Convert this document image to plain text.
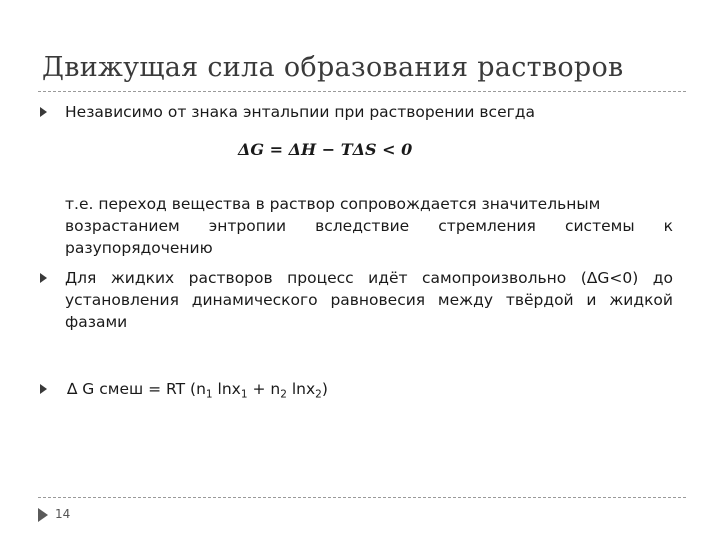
Движущая сила образования растворов
Независимо от знака энтальпии при растворении всегда
ΔG = ΔH − TΔS < 0
т.е. переход вещества в раствор сопровождается значительным
возрастанием энтропии вследствие стремления системы к
разупорядочению
Для жидких растворов процесс идёт самопроизвольно (ΔG<0) до установления динамического равновесия между твёрдой и жидкой фазами
∆ G смеш = RT ($n_1$ $\ln x_1 + n_2$ lnx$_2$)
14
